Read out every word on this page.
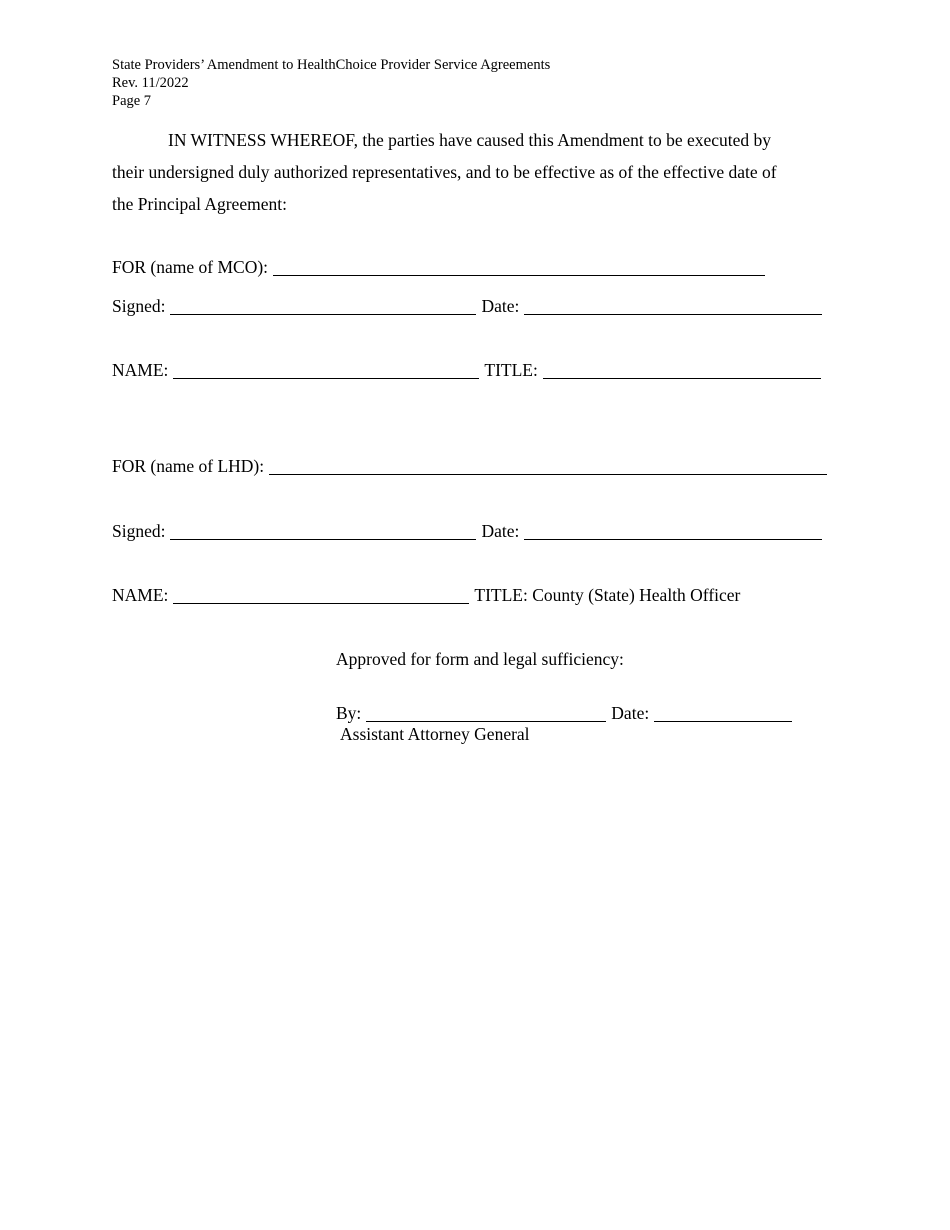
State Providers’ Amendment to HealthChoice Provider Service Agreements
Rev. 11/2022
Page 7
IN WITNESS WHEREOF, the parties have caused this Amendment to be executed by
their undersigned duly authorized representatives, and to be effective as of the effective date of
the Principal Agreement:
FOR (name of MCO):
Signed:	Date:
NAME:	TITLE:
FOR (name of LHD):
Signed:	Date:
NAME:	TITLE: County (State) Health Officer
Approved for form and legal sufficiency:
By:	Date:
Assistant Attorney General
